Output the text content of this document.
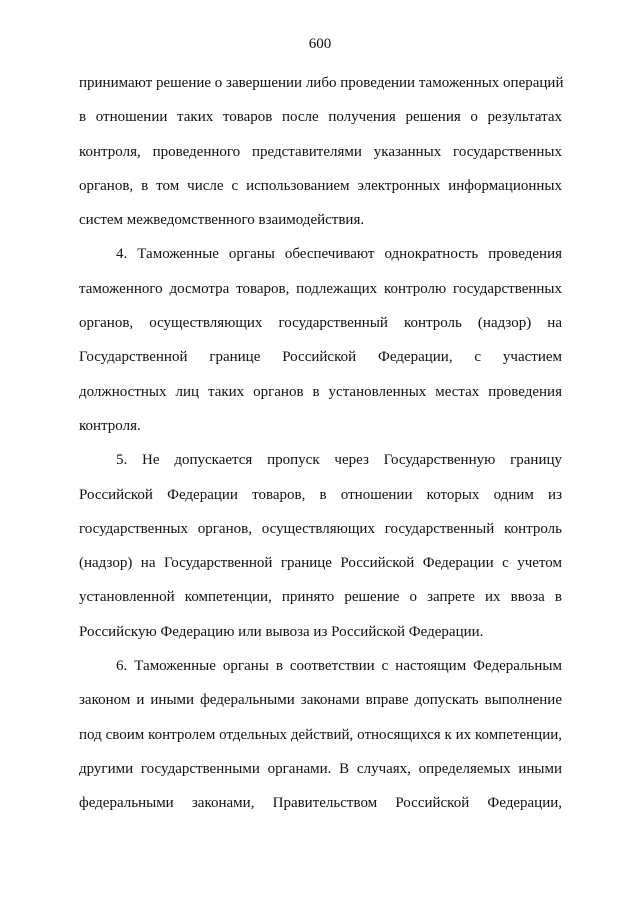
600
принимают решение о завершении либо проведении таможенных операций
в отношении таких товаров после получения решения о результатах
контроля, проведенного представителями указанных государственных
органов, в том числе с использованием электронных информационных
систем межведомственного взаимодействия.
4. Таможенные органы обеспечивают однократность проведения
таможенного досмотра товаров, подлежащих контролю государственных
органов, осуществляющих государственный контроль (надзор) на
Государственной границе Российской Федерации, с участием
должностных лиц таких органов в установленных местах проведения
контроля.
5. Не допускается пропуск через Государственную границу
Российской Федерации товаров, в отношении которых одним из
государственных органов, осуществляющих государственный контроль
(надзор) на Государственной границе Российской Федерации с учетом
установленной компетенции, принято решение о запрете их ввоза в
Российскую Федерацию или вывоза из Российской Федерации.
6. Таможенные органы в соответствии с настоящим Федеральным
законом и иными федеральными законами вправе допускать выполнение
под своим контролем отдельных действий, относящихся к их компетенции,
другими государственными органами. В случаях, определяемых иными
федеральными законами, Правительством Российской Федерации,
